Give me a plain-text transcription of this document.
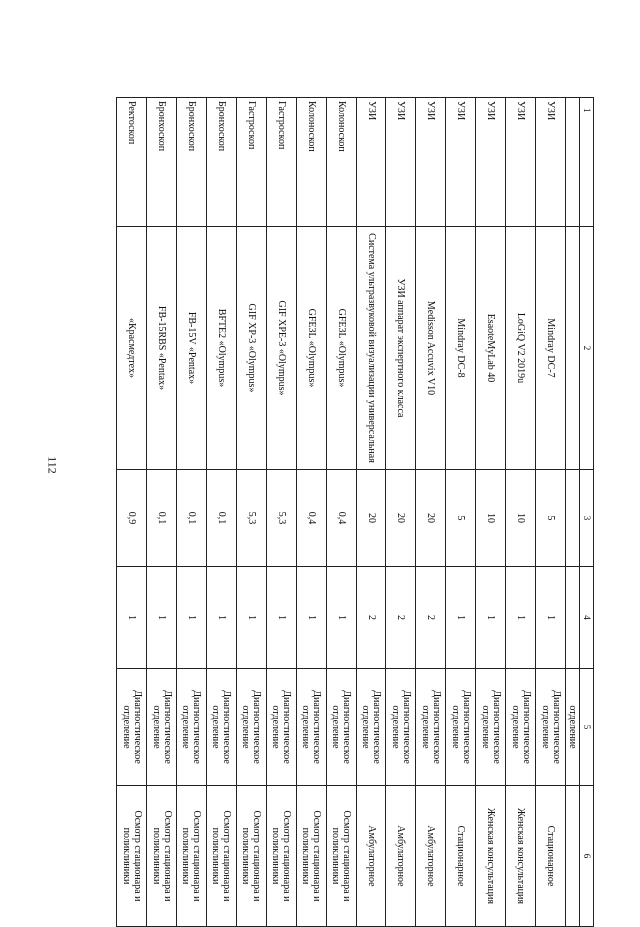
112
1	2	3	4	5	6
				отделение	
УЗИ	Mindray DC-7	5	1	Диагностическое отделение	Стационарное
УЗИ	LoGiQ V2 2019u	10	1	Диагностическое отделение	Женская консультация
УЗИ	EsaoteMyLab 40	10	1	Диагностическое отделение	Женская консультация
УЗИ	Mindray DC-8	5	1	Диагностическое отделение	Стационарное
УЗИ	Medisson Accuvix V10	20	2	Диагностическое отделение	Амбулаторное
УЗИ	УЗИ аппарат экспертного класса	20	2	Диагностическое отделение	Амбулаторное
УЗИ	Система ультразвуковой визуализации универсальная	20	2	Диагностическое отделение	Амбулаторное
Колоноскоп	GFE3L «Olympus»	0,4	1	Диагностическое отделение	Осмотр стационара и поликлиники
Колоноскоп	GFE3L «Olympus»	0,4	1	Диагностическое отделение	Осмотр стационара и поликлиники
Гастроскоп	GIF XPE-3 «Olympus»	5,3	1	Диагностическое отделение	Осмотр стационара и поликлиники
Гастроскоп	GIF XP-3 «Olympus»	5,3	1	Диагностическое отделение	Осмотр стационара и поликлиники
Бронхоскоп	BFTE2 «Olympus»	0,1	1	Диагностическое отделение	Осмотр стационара и поликлиники
Бронхоскоп	FB-15V «Pentax»	0,1	1	Диагностическое отделение	Осмотр стационара и поликлиники
Бронхоскоп	FB-15RBS «Pentax»	0,1	1	Диагностическое отделение	Осмотр стационара и поликлиники
Ректоскоп	«Красмедтех»	0,9	1	Диагностическое отделение	Осмотр стационара и поликлиники
